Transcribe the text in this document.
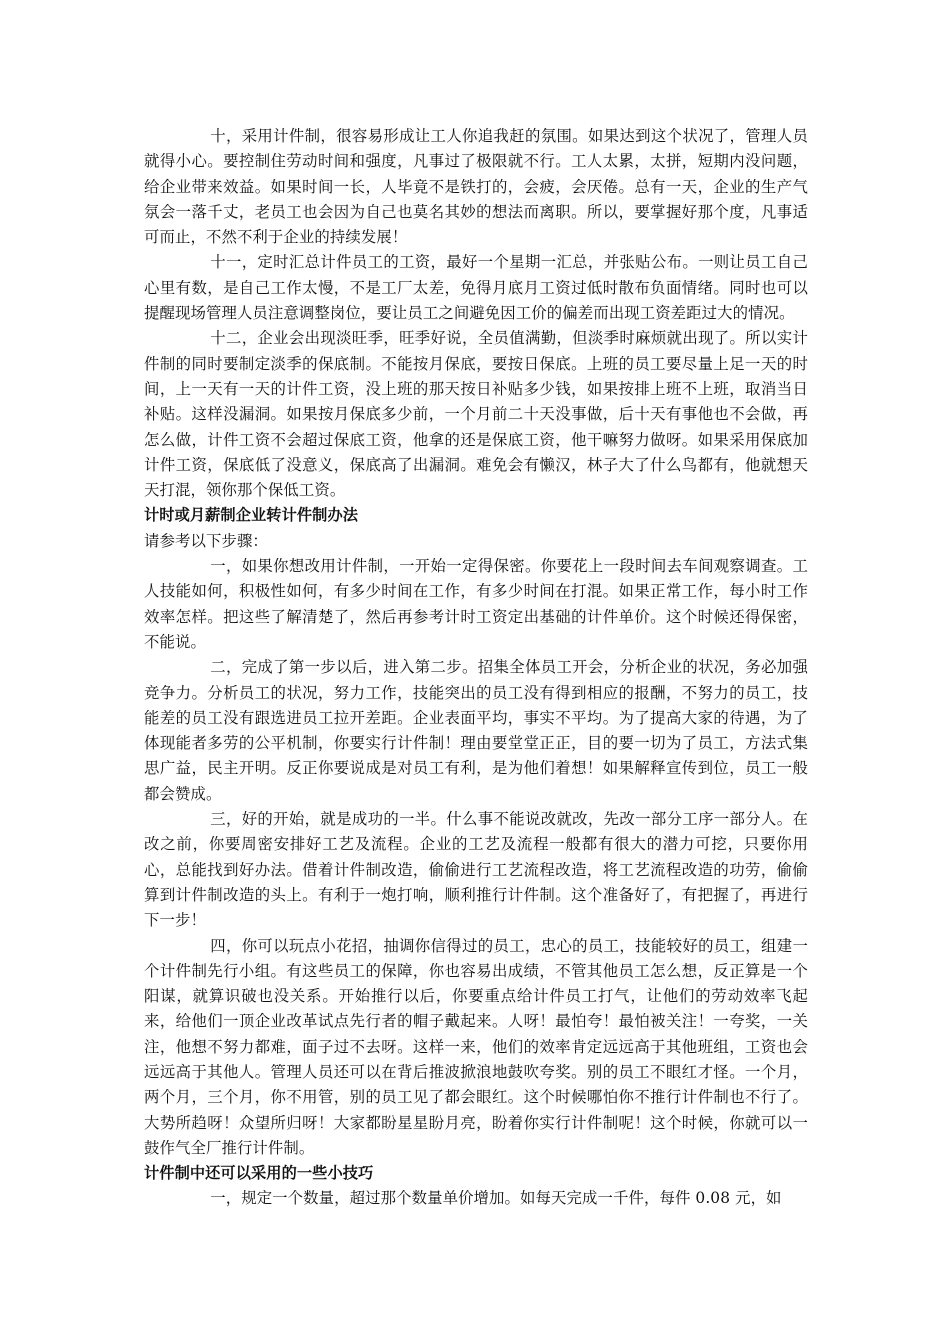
十，采用计件制，很容易形成让工人你追我赶的氛围。如果达到这个状况了，管理人员就得小心。要控制住劳动时间和强度，凡事过了极限就不行。工人太累，太拼，短期内没问题，给企业带来效益。如果时间一长，人毕竟不是铁打的，会疲，会厌倦。总有一天，企业的生产气氛会一落千丈，老员工也会因为自己也莫名其妙的想法而离职。所以，要掌握好那个度，凡事适可而止，不然不利于企业的持续发展！

十一，定时汇总计件员工的工资，最好一个星期一汇总，并张贴公布。一则让员工自己心里有数，是自己工作太慢，不是工厂太差，免得月底月工资过低时散布负面情绪。同时也可以提醒现场管理人员注意调整岗位，要让员工之间避免因工价的偏差而出现工资差距过大的情况。

十二，企业会出现淡旺季，旺季好说，全员值满勤，但淡季时麻烦就出现了。所以实计件制的同时要制定淡季的保底制。不能按月保底，要按日保底。上班的员工要尽量上足一天的时间，上一天有一天的计件工资，没上班的那天按日补贴多少钱，如果按排上班不上班，取消当日补贴。这样没漏洞。如果按月保底多少前，一个月前二十天没事做，后十天有事他也不会做，再怎么做，计件工资不会超过保底工资，他拿的还是保底工资，他干嘛努力做呀。如果采用保底加计件工资，保底低了没意义，保底高了出漏洞。难免会有懒汉，林子大了什么鸟都有，他就想天天打混，领你那个保低工资。

计时或月薪制企业转计件制办法

请参考以下步骤：

一，如果你想改用计件制，一开始一定得保密。你要花上一段时间去车间观察调查。工人技能如何，积极性如何，有多少时间在工作，有多少时间在打混。如果正常工作，每小时工作效率怎样。把这些了解清楚了，然后再参考计时工资定出基础的计件单价。这个时候还得保密，不能说。

二，完成了第一步以后，进入第二步。招集全体员工开会，分析企业的状况，务必加强竞争力。分析员工的状况，努力工作，技能突出的员工没有得到相应的报酬，不努力的员工，技能差的员工没有跟选进员工拉开差距。企业表面平均，事实不平均。为了提高大家的待遇，为了体现能者多劳的公平机制，你要实行计件制！理由要堂堂正正，目的要一切为了员工，方法式集思广益，民主开明。反正你要说成是对员工有利，是为他们着想！如果解释宣传到位，员工一般都会赞成。

三，好的开始，就是成功的一半。什么事不能说改就改，先改一部分工序一部分人。在改之前，你要周密安排好工艺及流程。企业的工艺及流程一般都有很大的潜力可挖，只要你用心，总能找到好办法。借着计件制改造，偷偷进行工艺流程改造，将工艺流程改造的功劳，偷偷算到计件制改造的头上。有利于一炮打响，顺利推行计件制。这个准备好了，有把握了，再进行下一步！

四，你可以玩点小花招，抽调你信得过的员工，忠心的员工，技能较好的员工，组建一个计件制先行小组。有这些员工的保障，你也容易出成绩，不管其他员工怎么想，反正算是一个阳谋，就算识破也没关系。开始推行以后，你要重点给计件员工打气，让他们的劳动效率飞起来，给他们一顶企业改革试点先行者的帽子戴起来。人呀！最怕夸！最怕被关注！一夸奖，一关注，他想不努力都难，面子过不去呀。这样一来，他们的效率肯定远远高于其他班组，工资也会远远高于其他人。管理人员还可以在背后推波掀浪地鼓吹夸奖。别的员工不眼红才怪。一个月，两个月，三个月，你不用管，别的员工见了都会眼红。这个时候哪怕你不推行计件制也不行了。大势所趋呀！众望所归呀！大家都盼星星盼月亮，盼着你实行计件制呢！这个时候，你就可以一鼓作气全厂推行计件制。

计件制中还可以采用的一些小技巧

一，规定一个数量，超过那个数量单价增加。如每天完成一千件，每件 0.08 元，如
